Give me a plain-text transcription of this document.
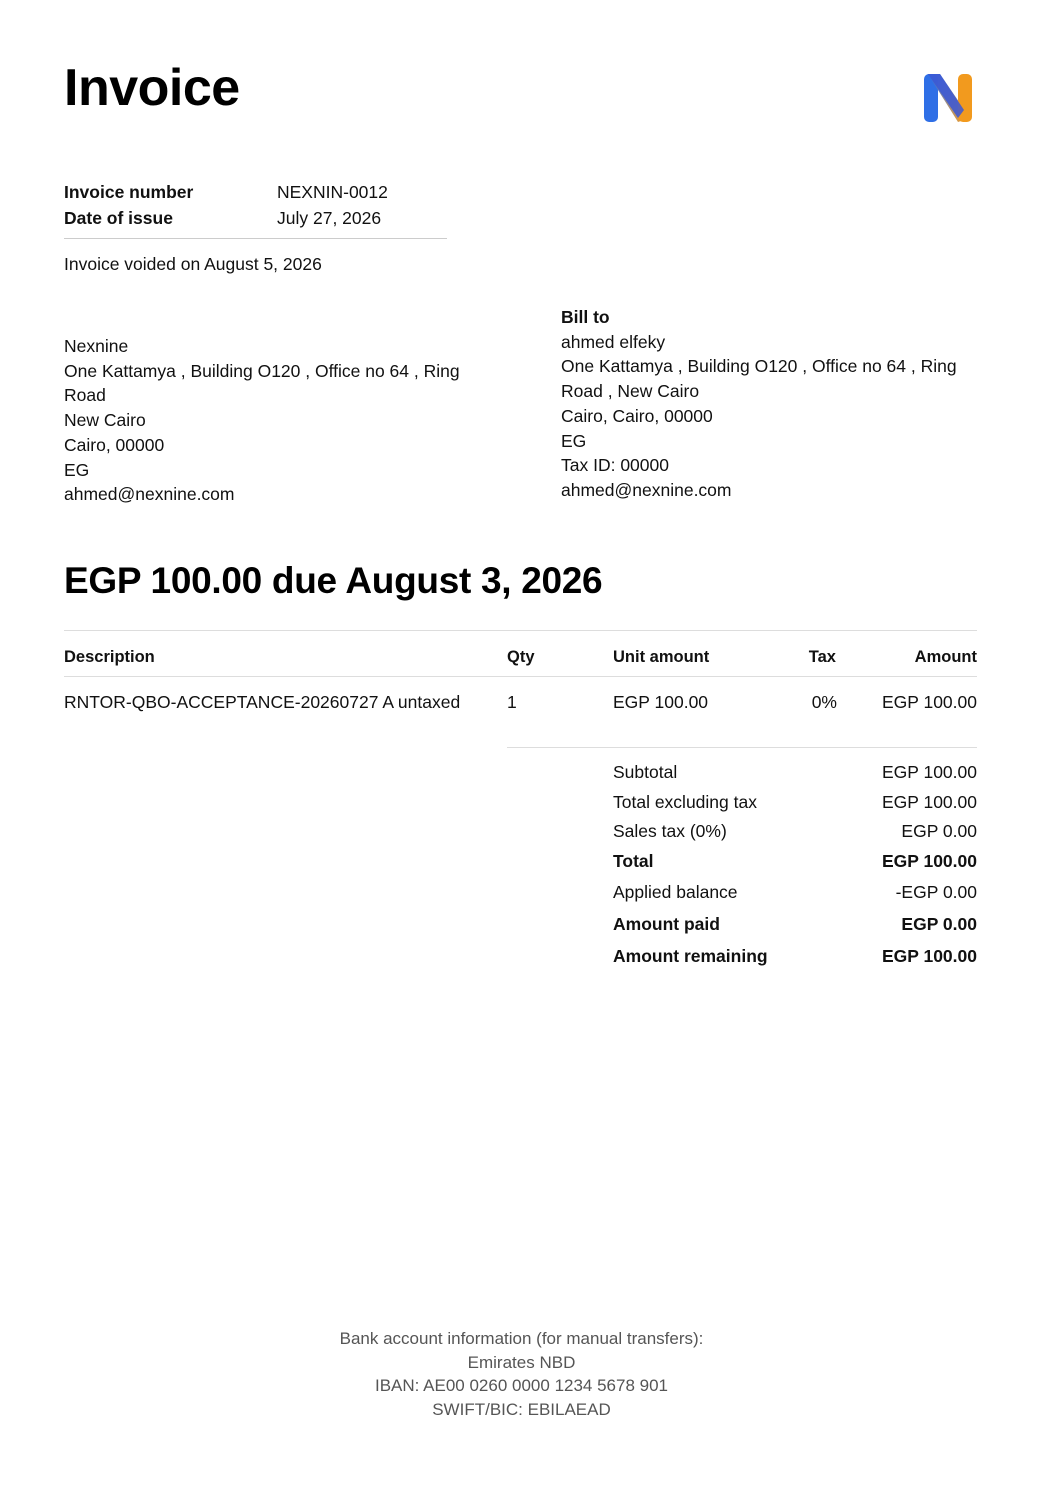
Invoice
Invoice number	NEXNIN-0012
Date of issue	July 27, 2026
Invoice voided on August 5, 2026
Nexnine
One Kattamya , Building O120 , Office no 64 , Ring Road
New Cairo
Cairo, 00000
EG
ahmed@nexnine.com
Bill to
ahmed elfeky
One Kattamya , Building O120 , Office no 64 , Ring
Road , New Cairo
Cairo, Cairo, 00000
EG
Tax ID: 00000
ahmed@nexnine.com
EGP 100.00 due August 3, 2026
Description	Qty	Unit amount	Tax	Amount
RNTOR-QBO-ACCEPTANCE-20260727 A untaxed	1	EGP 100.00	0%	EGP 100.00
Subtotal	EGP 100.00
Total excluding tax	EGP 100.00
Sales tax (0%)	EGP 0.00
Total	EGP 100.00
Applied balance	-EGP 0.00
Amount paid	EGP 0.00
Amount remaining	EGP 100.00
Bank account information (for manual transfers):
Emirates NBD
IBAN: AE00 0260 0000 1234 5678 901
SWIFT/BIC: EBILAEAD
